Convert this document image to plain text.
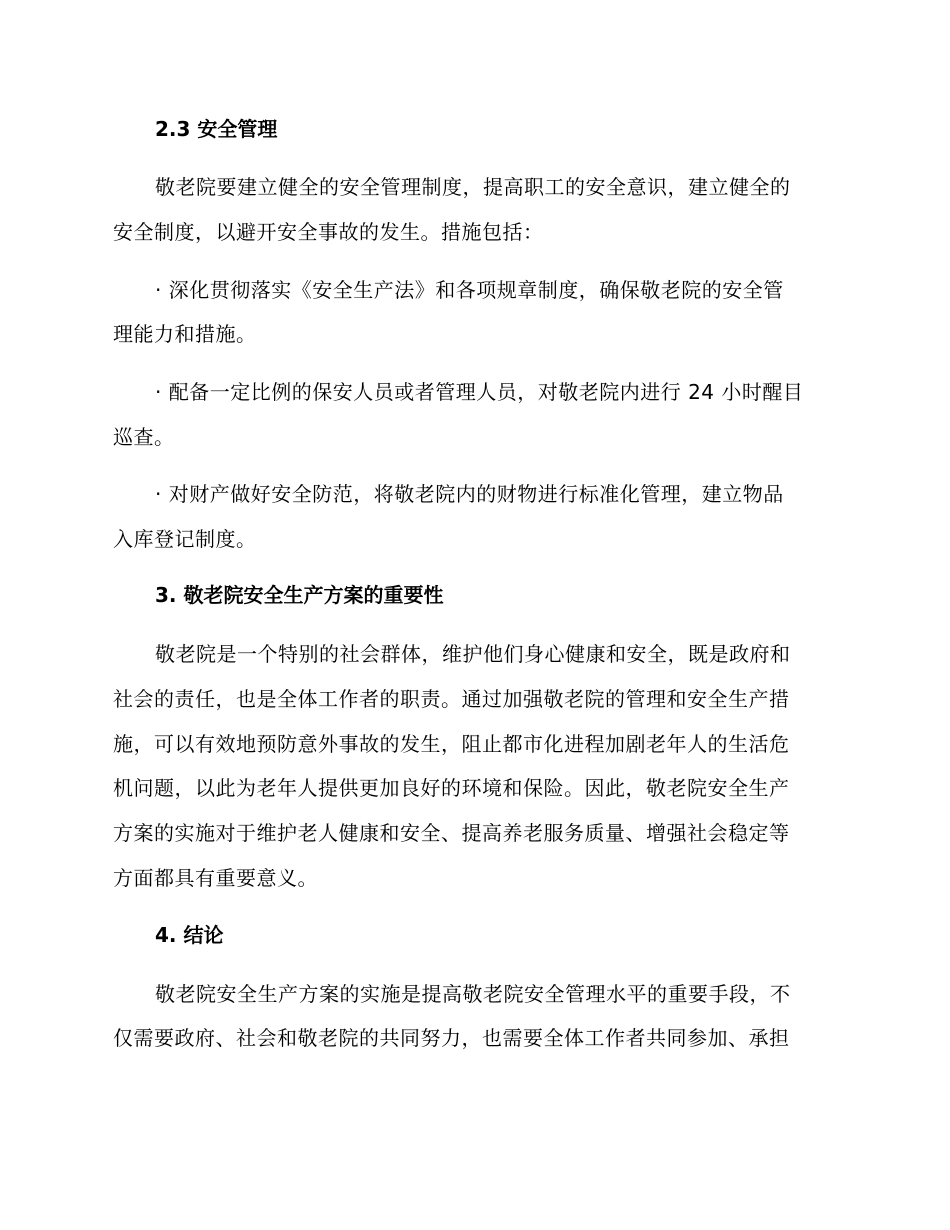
2.3 安全管理
敬老院要建立健全的安全管理制度，提高职工的安全意识，建立健全的
安全制度，以避开安全事故的发生。措施包括：
· 深化贯彻落实《安全生产法》和各项规章制度，确保敬老院的安全管
理能力和措施。
· 配备一定比例的保安人员或者管理人员，对敬老院内进行 24 小时醒目
巡查。
· 对财产做好安全防范，将敬老院内的财物进行标准化管理，建立物品
入库登记制度。
3. 敬老院安全生产方案的重要性
敬老院是一个特别的社会群体，维护他们身心健康和安全，既是政府和
社会的责任，也是全体工作者的职责。通过加强敬老院的管理和安全生产措
施，可以有效地预防意外事故的发生，阻止都市化进程加剧老年人的生活危
机问题，以此为老年人提供更加良好的环境和保险。因此，敬老院安全生产
方案的实施对于维护老人健康和安全、提高养老服务质量、增强社会稳定等
方面都具有重要意义。
4. 结论
敬老院安全生产方案的实施是提高敬老院安全管理水平的重要手段，不
仅需要政府、社会和敬老院的共同努力，也需要全体工作者共同参加、承担
